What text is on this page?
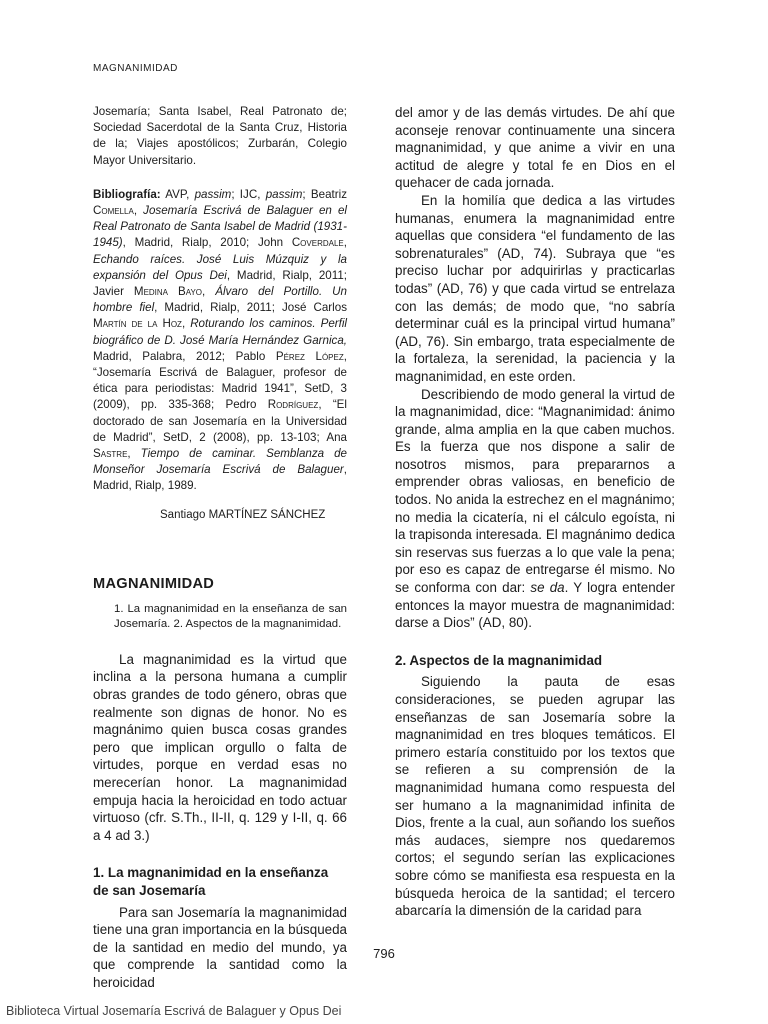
MAGNANIMIDAD

Josemaría; Santa Isabel, Real Patronato de; Sociedad Sacerdotal de la Santa Cruz, Historia de la; Viajes apostólicos; Zurbarán, Colegio Mayor Universitario.

Bibliografía: AVP, passim; IJC, passim; Beatriz Comella, Josemaría Escrivá de Balaguer en el Real Patronato de Santa Isabel de Madrid (1931-1945), Madrid, Rialp, 2010; John Coverdale, Echando raíces. José Luis Múzquiz y la expansión del Opus Dei, Madrid, Rialp, 2011; Javier Medina Bayo, Álvaro del Portillo. Un hombre fiel, Madrid, Rialp, 2011; José Carlos Martín de la Hoz, Roturando los caminos. Perfil biográfico de D. José María Hernández Garnica, Madrid, Palabra, 2012; Pablo Pérez López, “Josemaría Escrivá de Balaguer, profesor de ética para periodistas: Madrid 1941”, SetD, 3 (2009), pp. 335-368; Pedro Rodríguez, “El doctorado de san Josemaría en la Universidad de Madrid”, SetD, 2 (2008), pp. 13-103; Ana Sastre, Tiempo de caminar. Semblanza de Monseñor Josemaría Escrivá de Balaguer, Madrid, Rialp, 1989.

Santiago MARTÍNEZ SÁNCHEZ
MAGNANIMIDAD

1. La magnanimidad en la enseñanza de san Josemaría. 2. Aspectos de la magnanimidad.

La magnanimidad es la virtud que inclina a la persona humana a cumplir obras grandes de todo género, obras que realmente son dignas de honor. No es magnánimo quien busca cosas grandes pero que implican orgullo o falta de virtudes, porque en verdad esas no merecerían honor. La magnanimidad empuja hacia la heroicidad en todo actuar virtuoso (cfr. S.Th., II-II, q. 129 y I-II, q. 66 a 4 ad 3.)

1. La magnanimidad en la enseñanza de san Josemaría

Para san Josemaría la magnanimidad tiene una gran importancia en la búsqueda de la santidad en medio del mundo, ya que comprende la santidad como la heroicidad

del amor y de las demás virtudes. De ahí que aconseje renovar continuamente una sincera magnanimidad, y que anime a vivir en una actitud de alegre y total fe en Dios en el quehacer de cada jornada.

En la homilía que dedica a las virtudes humanas, enumera la magnanimidad entre aquellas que considera “el fundamento de las sobrenaturales” (AD, 74). Subraya que “es preciso luchar por adquirirlas y practicarlas todas” (AD, 76) y que cada virtud se entrelaza con las demás; de modo que, “no sabría determinar cuál es la principal virtud humana” (AD, 76). Sin embargo, trata especialmente de la fortaleza, la serenidad, la paciencia y la magnanimidad, en este orden.

Describiendo de modo general la virtud de la magnanimidad, dice: “Magnanimidad: ánimo grande, alma amplia en la que caben muchos. Es la fuerza que nos dispone a salir de nosotros mismos, para prepararnos a emprender obras valiosas, en beneficio de todos. No anida la estrechez en el magnánimo; no media la cicatería, ni el cálculo egoísta, ni la trapisonda interesada. El magnánimo dedica sin reservas sus fuerzas a lo que vale la pena; por eso es capaz de entregarse él mismo. No se conforma con dar: se da. Y logra entender entonces la mayor muestra de magnanimidad: darse a Dios” (AD, 80).

2. Aspectos de la magnanimidad

Siguiendo la pauta de esas consideraciones, se pueden agrupar las enseñanzas de san Josemaría sobre la magnanimidad en tres bloques temáticos. El primero estaría constituido por los textos que se refieren a su comprensión de la magnanimidad humana como respuesta del ser humano a la magnanimidad infinita de Dios, frente a la cual, aun soñando los sueños más audaces, siempre nos quedaremos cortos; el segundo serían las explicaciones sobre cómo se manifiesta esa respuesta en la búsqueda heroica de la santidad; el tercero abarcaría la dimensión de la caridad para

796
Biblioteca Virtual Josemaría Escrivá de Balaguer y Opus Dei
